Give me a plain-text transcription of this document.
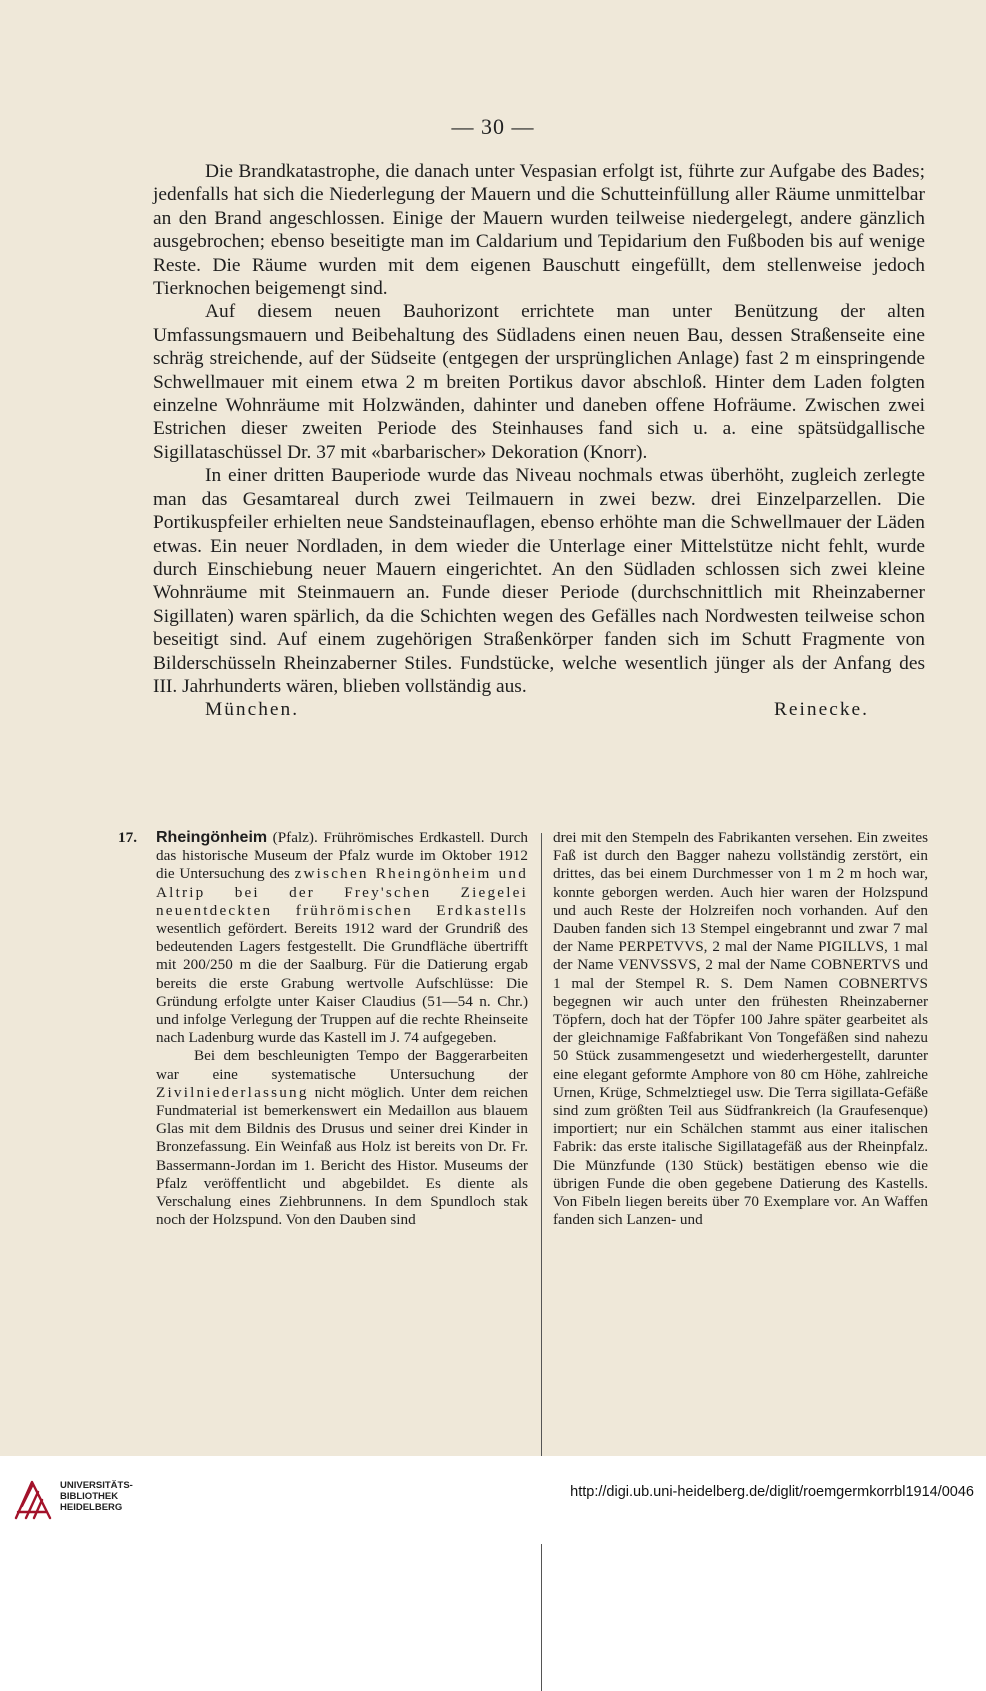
— 30 —

Die Brandkatastrophe, die danach unter Vespasian erfolgt ist, führte zur Aufgabe des Bades; jedenfalls hat sich die Niederlegung der Mauern und die Schutteinfüllung aller Räume unmittelbar an den Brand angeschlossen. Einige der Mauern wurden teilweise niedergelegt, andere gänzlich ausgebrochen; ebenso beseitigte man im Caldarium und Tepidarium den Fußboden bis auf wenige Reste. Die Räume wurden mit dem eigenen Bauschutt eingefüllt, dem stellenweise jedoch Tierknochen beigemengt sind.

Auf diesem neuen Bauhorizont errichtete man unter Benützung der alten Umfassungsmauern und Beibehaltung des Südladens einen neuen Bau, dessen Straßenseite eine schräg streichende, auf der Südseite (entgegen der ursprünglichen Anlage) fast 2 m einspringende Schwellmauer mit einem etwa 2 m breiten Portikus davor abschloß. Hinter dem Laden folgten einzelne Wohnräume mit Holzwänden, dahinter und daneben offene Hofräume. Zwischen zwei Estrichen dieser zweiten Periode des Steinhauses fand sich u. a. eine spätsüdgallische Sigillataschüssel Dr. 37 mit «barbarischer» Dekoration (Knorr).

In einer dritten Bauperiode wurde das Niveau nochmals etwas überhöht, zugleich zerlegte man das Gesamtareal durch zwei Teilmauern in zwei bezw. drei Einzelparzellen. Die Portikuspfeiler erhielten neue Sandsteinauflagen, ebenso erhöhte man die Schwellmauer der Läden etwas. Ein neuer Nordladen, in dem wieder die Unterlage einer Mittelstütze nicht fehlt, wurde durch Einschiebung neuer Mauern eingerichtet. An den Südladen schlossen sich zwei kleine Wohnräume mit Steinmauern an. Funde dieser Periode (durchschnittlich mit Rheinzaberner Sigillaten) waren spärlich, da die Schichten wegen des Gefälles nach Nordwesten teilweise schon beseitigt sind. Auf einem zugehörigen Straßenkörper fanden sich im Schutt Fragmente von Bilderschüsseln Rheinzaberner Stiles. Fundstücke, welche wesentlich jünger als der Anfang des III. Jahrhunderts wären, blieben vollständig aus.

München.	Reinecke.
17. Rheingönheim (Pfalz). Frührömisches Erdkastell. Durch das historische Museum der Pfalz wurde im Oktober 1912 die Untersuchung des zwischen Rheingönheim und Altrip bei der Frey'schen Ziegelei neuentdeckten frührömischen Erdkastells wesentlich gefördert. Bereits 1912 ward der Grundriß des bedeutenden Lagers festgestellt. Die Grundfläche übertrifft mit 200/250 m die der Saalburg. Für die Datierung ergab bereits die erste Grabung wertvolle Aufschlüsse: Die Gründung erfolgte unter Kaiser Claudius (51—54 n. Chr.) und infolge Verlegung der Truppen auf die rechte Rheinseite nach Ladenburg wurde das Kastell im J. 74 aufgegeben.

Bei dem beschleunigten Tempo der Baggerarbeiten war eine systematische Untersuchung der Zivilniederlassung nicht möglich. Unter dem reichen Fundmaterial ist bemerkenswert ein Medaillon aus blauem Glas mit dem Bildnis des Drusus und seiner drei Kinder in Bronzefassung. Ein Weinfaß aus Holz ist bereits von Dr. Fr. Bassermann-Jordan im 1. Bericht des Histor. Museums der Pfalz veröffentlicht und abgebildet. Es diente als Verschalung eines Ziehbrunnens. In dem Spundloch stak noch der Holzspund. Von den Dauben sind

drei mit den Stempeln des Fabrikanten versehen. Ein zweites Faß ist durch den Bagger nahezu vollständig zerstört, ein drittes, das bei einem Durchmesser von 1 m 2 m hoch war, konnte geborgen werden. Auch hier waren der Holzspund und auch Reste der Holzreifen noch vorhanden. Auf den Dauben fanden sich 13 Stempel eingebrannt und zwar 7 mal der Name PERPETVVS, 2 mal der Name PIGILLVS, 1 mal der Name VENVSSVS, 2 mal der Name COBNERTVS und 1 mal der Stempel R. S. Dem Namen COBNERTVS begegnen wir auch unter den frühesten Rheinzaberner Töpfern, doch hat der Töpfer 100 Jahre später gearbeitet als der gleichnamige Faßfabrikant Von Tongefäßen sind nahezu 50 Stück zusammengesetzt und wiederhergestellt, darunter eine elegant geformte Amphore von 80 cm Höhe, zahlreiche Urnen, Krüge, Schmelztiegel usw. Die Terra sigillata-Gefäße sind zum größten Teil aus Südfrankreich (la Graufesenque) importiert; nur ein Schälchen stammt aus einer italischen Fabrik: das erste italische Sigillatagefäß aus der Rheinpfalz. Die Münzfunde (130 Stück) bestätigen ebenso wie die übrigen Funde die oben gegebene Datierung des Kastells. Von Fibeln liegen bereits über 70 Exemplare vor. An Waffen fanden sich Lanzen- und

UNIVERSITÄTS-
BIBLIOTHEK
HEIDELBERG
http://digi.ub.uni-heidelberg.de/diglit/roemgermkorrbl1914/0046
